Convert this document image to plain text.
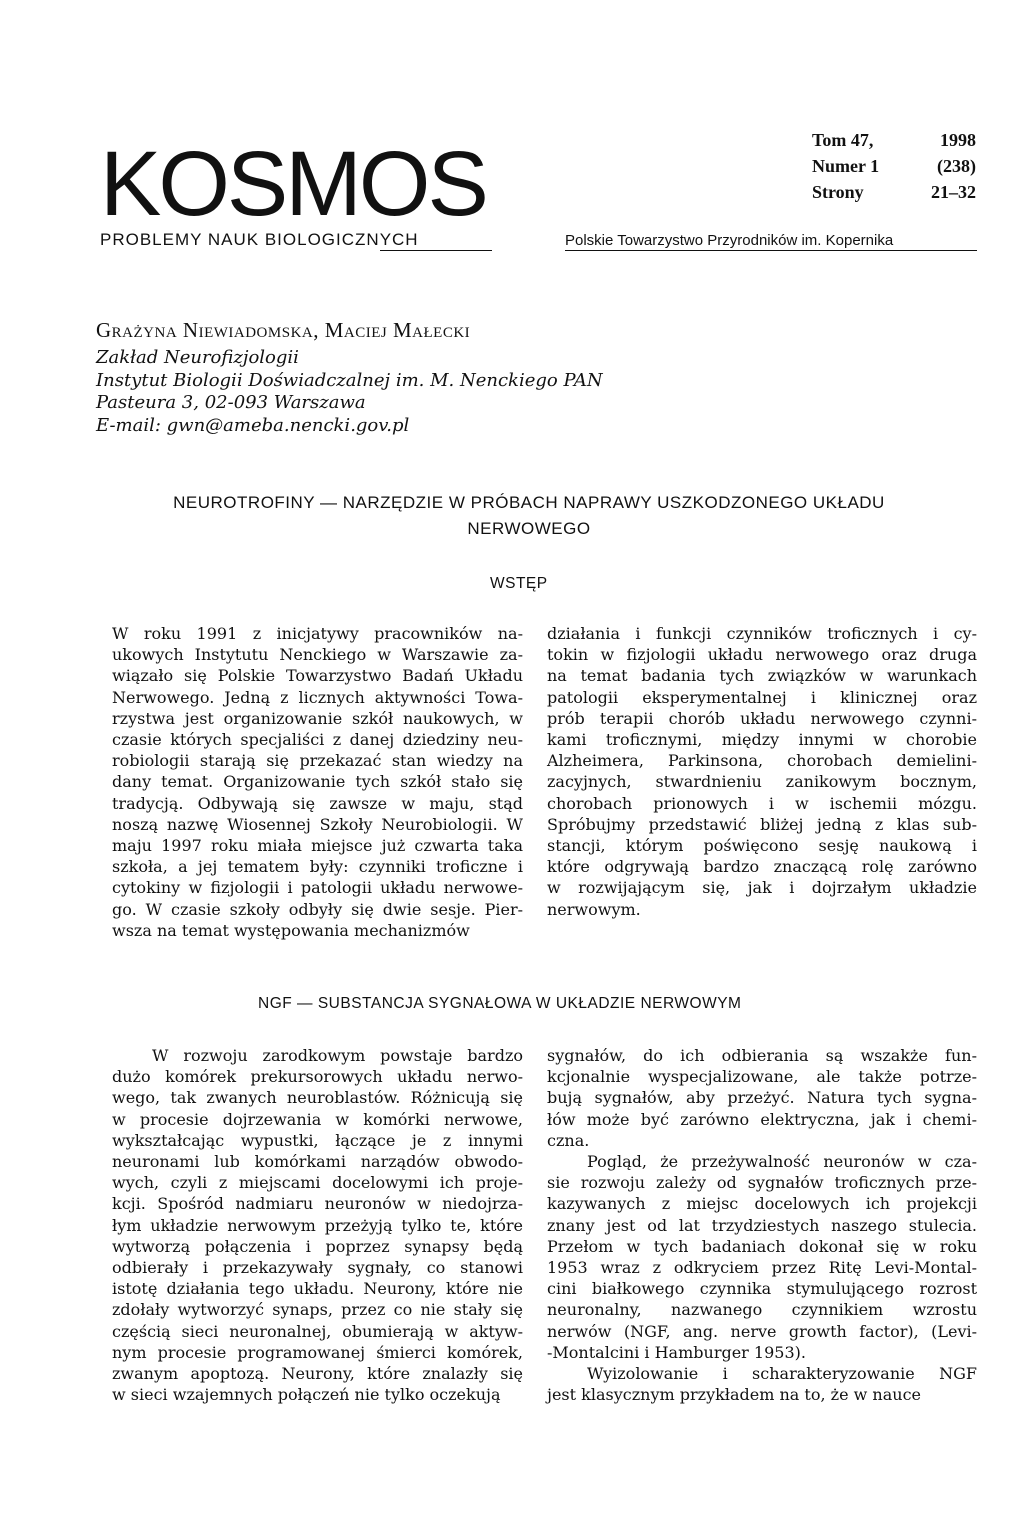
KOSMOS
PROBLEMY NAUK BIOLOGICZNYCH	Polskie Towarzystwo Przyrodników im. Kopernika
Tom 47,	1998
Numer 1	(238)
Strony	21–32
Grażyna Niewiadomska, Maciej Małecki
Zakład Neurofizjologii
Instytut Biologii Doświadczalnej im. M. Nenckiego PAN
Pasteura 3, 02-093 Warszawa
E-mail: gwn@ameba.nencki.gov.pl
NEUROTROFINY — NARZĘDZIE W PRÓBACH NAPRAWY USZKODZONEGO UKŁADU
NERWOWEGO
WSTĘP
W roku 1991 z inicjatywy pracowników na-
ukowych Instytutu Nenckiego w Warszawie za-
wiązało się Polskie Towarzystwo Badań Układu
Nerwowego. Jedną z licznych aktywności Towa-
rzystwa jest organizowanie szkół naukowych, w
czasie których specjaliści z danej dziedziny neu-
robiologii starają się przekazać stan wiedzy na
dany temat. Organizowanie tych szkół stało się
tradycją. Odbywają się zawsze w maju, stąd
noszą nazwę Wiosennej Szkoły Neurobiologii. W
maju 1997 roku miała miejsce już czwarta taka
szkoła, a jej tematem były: czynniki troficzne i
cytokiny w fizjologii i patologii układu nerwowe-
go. W czasie szkoły odbyły się dwie sesje. Pier-
wsza na temat występowania mechanizmów
działania i funkcji czynników troficznych i cy-
tokin w fizjologii układu nerwowego oraz druga
na temat badania tych związków w warunkach
patologii eksperymentalnej i klinicznej oraz
prób terapii chorób układu nerwowego czynni-
kami troficznymi, między innymi w chorobie
Alzheimera, Parkinsona, chorobach demielini-
zacyjnych, stwardnieniu zanikowym bocznym,
chorobach prionowych i w ischemii mózgu.
Spróbujmy przedstawić bliżej jedną z klas sub-
stancji, którym poświęcono sesję naukową i
które odgrywają bardzo znaczącą rolę zarówno
w rozwijającym się, jak i dojrzałym układzie
nerwowym.
NGF — SUBSTANCJA SYGNAŁOWA W UKŁADZIE NERWOWYM
W rozwoju zarodkowym powstaje bardzo
dużo komórek prekursorowych układu nerwo-
wego, tak zwanych neuroblastów. Różnicują się
w procesie dojrzewania w komórki nerwowe,
wykształcając wypustki, łączące je z innymi
neuronami lub komórkami narządów obwodo-
wych, czyli z miejscami docelowymi ich proje-
kcji. Spośród nadmiaru neuronów w niedojrza-
łym układzie nerwowym przeżyją tylko te, które
wytworzą połączenia i poprzez synapsy będą
odbierały i przekazywały sygnały, co stanowi
istotę działania tego układu. Neurony, które nie
zdołały wytworzyć synaps, przez co nie stały się
częścią sieci neuronalnej, obumierają w aktyw-
nym procesie programowanej śmierci komórek,
zwanym apoptozą. Neurony, które znalazły się
w sieci wzajemnych połączeń nie tylko oczekują
sygnałów, do ich odbierania są wszakże fun-
kcjonalnie wyspecjalizowane, ale także potrze-
bują sygnałów, aby przeżyć. Natura tych sygna-
łów może być zarówno elektryczna, jak i chemi-
czna.
Pogląd, że przeżywalność neuronów w cza-
sie rozwoju zależy od sygnałów troficznych prze-
kazywanych z miejsc docelowych ich projekcji
znany jest od lat trzydziestych naszego stulecia.
Przełom w tych badaniach dokonał się w roku
1953 wraz z odkryciem przez Ritę Levi-Montal-
cini białkowego czynnika stymulującego rozrost
neuronalny, nazwanego czynnikiem wzrostu
nerwów (NGF, ang. nerve growth factor), (Levi-
-Montalcini i Hamburger 1953).
Wyizolowanie i scharakteryzowanie NGF
jest klasycznym przykładem na to, że w nauce
